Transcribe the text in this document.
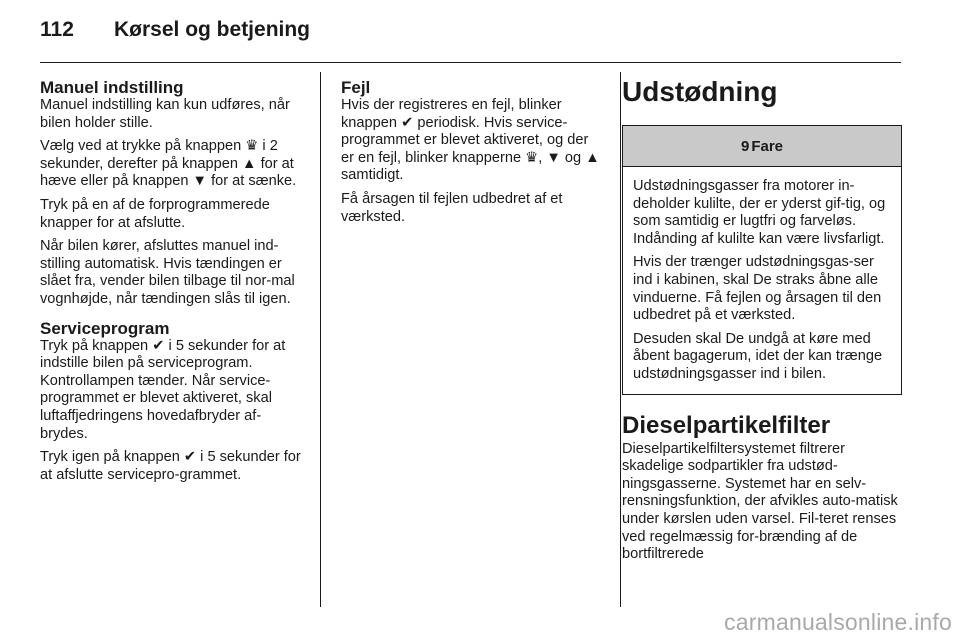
112 Kørsel og betjening
Manuel indstilling

Manuel indstilling kan kun udføres, når bilen holder stille.

Vælg ved at trykke på knappen ♛ i 2 sekunder, derefter på knappen ▲ for at hæve eller på knappen ▼ for at sænke.

Tryk på en af de forprogrammerede knapper for at afslutte.

Når bilen kører, afsluttes manuel ind-stilling automatisk. Hvis tændingen er slået fra, vender bilen tilbage til nor-mal vognhøjde, når tændingen slås til igen.

Serviceprogram

Tryk på knappen ✔ i 5 sekunder for at indstille bilen på serviceprogram. Kontrollampen tænder. Når service-programmet er blevet aktiveret, skal luftaffjedringens hovedafbryder af-brydes.

Tryk igen på knappen ✔ i 5 sekunder for at afslutte servicepro-grammet.

Fejl

Hvis der registreres en fejl, blinker knappen ✔ periodisk. Hvis service-programmet er blevet aktiveret, og der er en fejl, blinker knapperne ♛, ▼ og ▲ samtidigt.

Få årsagen til fejlen udbedret af et værksted.

Udstødning
9 Fare

Udstødningsgasser fra motorer in-deholder kulilte, der er yderst gif-tig, og som samtidig er lugtfri og farveløs. Indånding af kulilte kan være livsfarligt.

Hvis der trænger udstødningsgas-ser ind i kabinen, skal De straks åbne alle vinduerne. Få fejlen og årsagen til den udbedret på et værksted.

Desuden skal De undgå at køre med åbent bagagerum, idet der kan trænge udstødningsgasser ind i bilen.

Dieselpartikelfilter

Dieselpartikelfiltersystemet filtrerer skadelige sodpartikler fra udstød-ningsgasserne. Systemet har en selv-rensningsfunktion, der afvikles auto-matisk under kørslen uden varsel. Fil-teret renses ved regelmæssig for-brænding af de bortfiltrerede

carmanualsonline.info
